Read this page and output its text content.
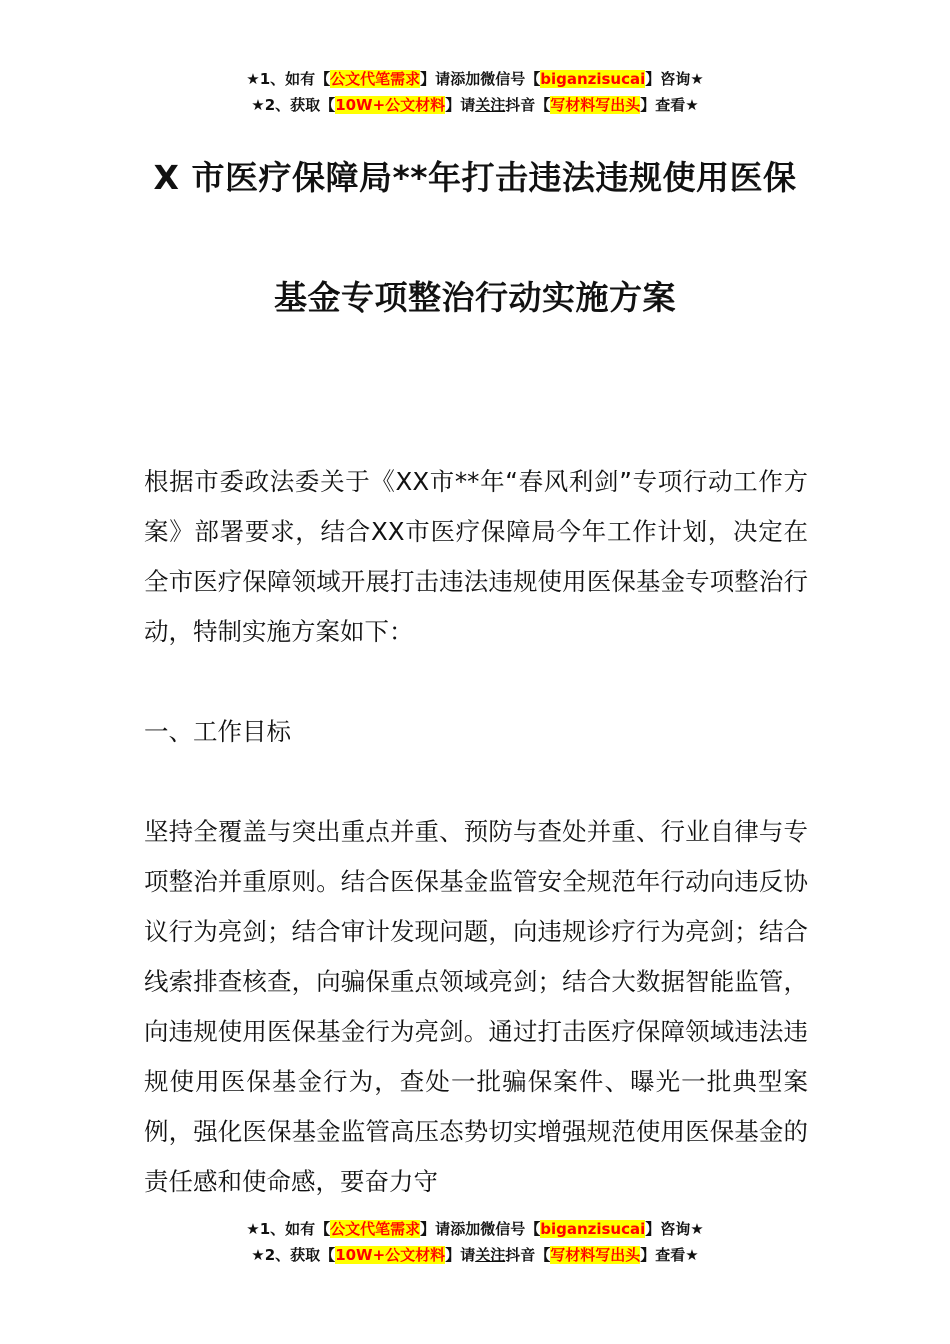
★1、如有【公文代笔需求】请添加微信号【biganzisucai】咨询★
★2、获取【10W+公文材料】请关注抖音【写材料写出头】查看★
X 市医疗保障局**年打击违法违规使用医保
基金专项整治行动实施方案

根据市委政法委关于《XX市**年“春风利剑”专项行动工作方案》部署要求，结合XX市医疗保障局今年工作计划，决定在全市医疗保障领域开展打击违法违规使用医保基金专项整治行动，特制实施方案如下：

一、工作目标

坚持全覆盖与突出重点并重、预防与查处并重、行业自律与专项整治并重原则。结合医保基金监管安全规范年行动向违反协议行为亮剑；结合审计发现问题，向违规诊疗行为亮剑；结合线索排查核查，向骗保重点领域亮剑；结合大数据智能监管，向违规使用医保基金行为亮剑。通过打击医疗保障领域违法违规使用医保基金行为，查处一批骗保案件、曝光一批典型案例，强化医保基金监管高压态势切实增强规范使用医保基金的责任感和使命感，要奋力守

★1、如有【公文代笔需求】请添加微信号【biganzisucai】咨询★
★2、获取【10W+公文材料】请关注抖音【写材料写出头】查看★
